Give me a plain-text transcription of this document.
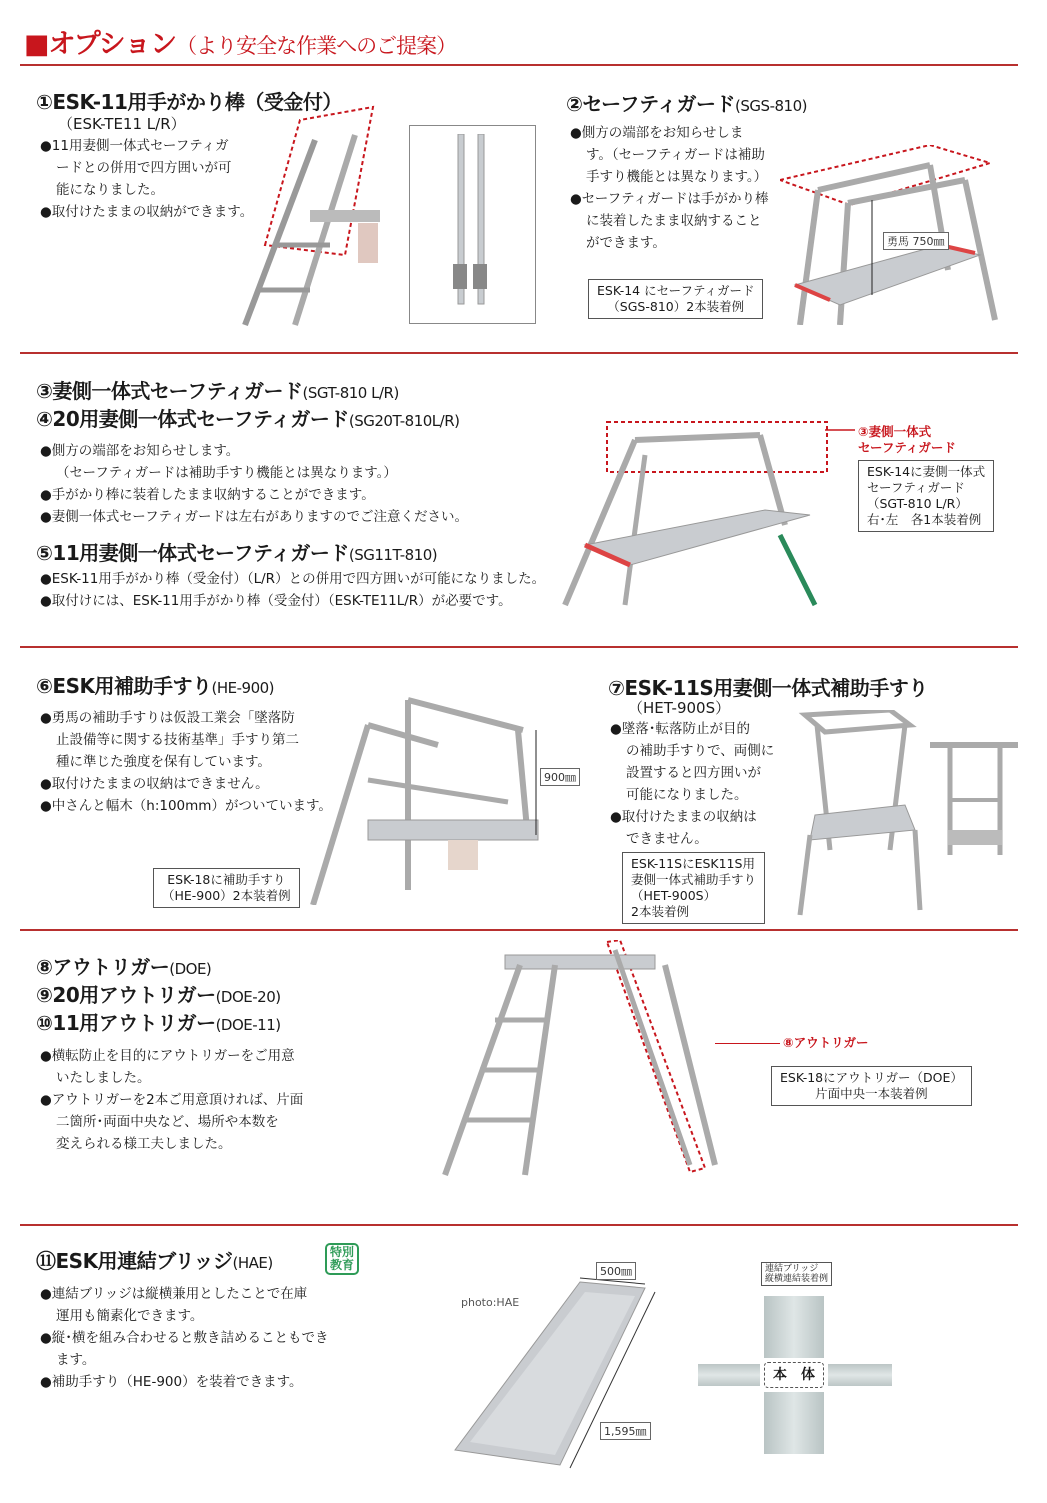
■オプション（より安全な作業へのご提案）
①ESK-11用手がかり棒（受金付）
（ESK-TE11 L/R）
●11用妻側一体式セーフティガ
ードとの併用で四方囲いが可
能になりました。
●取付けたままの収納ができます。
②セーフティガード(SGS-810)
●側方の端部をお知らせしま
す。（セーフティガードは補助
手すり機能とは異なります。）
●セーフティガードは手がかり棒
に装着したまま収納すること
ができます。
ESK-14 にセーフティガード
（SGS-810）2本装着例
勇馬 750㎜
③妻側一体式セーフティガード(SGT-810 L/R)
④20用妻側一体式セーフティガード(SG20T-810L/R)
●側方の端部をお知らせします。
（セーフティガードは補助手すり機能とは異なります。）
●手がかり棒に装着したまま収納することができます。
●妻側一体式セーフティガードは左右がありますのでご注意ください。
⑤11用妻側一体式セーフティガード(SG11T-810)
●ESK-11用手がかり棒（受金付）（L/R）との併用で四方囲いが可能になりました。
●取付けには、ESK-11用手がかり棒（受金付）（ESK-TE11L/R）が必要です。
③妻側一体式
セーフティガード
ESK-14に妻側一体式
セーフティガード
（SGT-810 L/R）
右･左　各1本装着例
⑥ESK用補助手すり(HE-900)
●勇馬の補助手すりは仮設工業会「墜落防
止設備等に関する技術基準」手すり第二
種に準じた強度を保有しています。
●取付けたままの収納はできません。
●中さんと幅木（h:100mm）がついています。
900㎜
ESK-18に補助手すり
（HE-900）2本装着例
⑦ESK-11S用妻側一体式補助手すり
（HET-900S）
●墜落･転落防止が目的
の補助手すりで、両側に
設置すると四方囲いが
可能になりました。
●取付けたままの収納は
できません。
ESK-11SにESK11S用
妻側一体式補助手すり
（HET-900S）
2本装着例
⑧アウトリガー(DOE)
⑨20用アウトリガー(DOE-20)
⑩11用アウトリガー(DOE-11)
●横転防止を目的にアウトリガーをご用意
いたしました。
●アウトリガーを2本ご用意頂ければ、片面
二箇所･両面中央など、場所や本数を
変えられる様工夫しました。
⑧アウトリガー
ESK-18にアウトリガー（DOE）
片面中央一本装着例
⑪ESK用連結ブリッジ(HAE)
特別
教育
●連結ブリッジは縦横兼用としたことで在庫
運用も簡素化できます。
●縦･横を組み合わせると敷き詰めることもでき
ます。
●補助手すり（HE-900）を装着できます。
photo:HAE
500㎜
1,595㎜
連結ブリッジ
縦横連結装着例
本　体
